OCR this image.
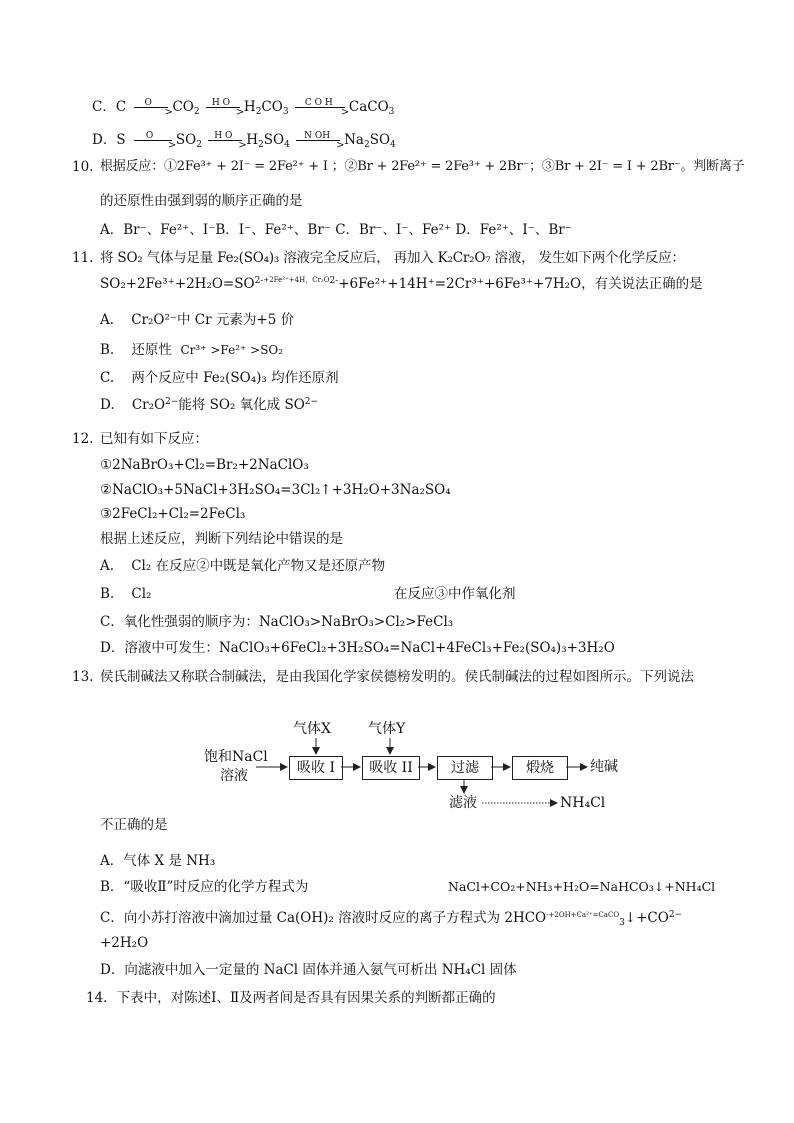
C．C O
> $CO_2$
H O
> $H_2CO_3$
C O H
> CaCO$_3$
D．S O
> $SO_2$
H O
> $H_2SO_4$
N OH
> $Na_2SO_4$
10. 根据反应：①2Fe³⁺ + 2I⁻ = 2Fe²⁺ + I ；②Br + 2Fe²⁺ = 2Fe³⁺ + 2Br⁻；③Br + 2I⁻ = I + 2Br⁻。判断离子
的还原性由强到弱的顺序正确的是
A．Br⁻、Fe²⁺、I⁻B．I⁻、Fe²⁺、Br⁻ C．Br⁻、I⁻、Fe²⁺ D．Fe²⁺、I⁻、Br⁻
11. 将 SO₂ 气体与足量 Fe₂(SO₄)₃ 溶液完全反应后， 再加入 K₂Cr₂O₇ 溶液， 发生如下两个化学反应：
$SO_2+2Fe^{3+}+2H_2O=SO^{2-+2Fe^{2+}+4H,Cr_2O2-}+6Fe^{2+}+14H^+=2Cr^{3+}+6Fe^{3+}+7H_2O$，有关说法正确的是
A. Cr₂O²⁻中 Cr 元素为+5 价
B. 还原性 Cr³⁺ >Fe²⁺ >SO₂
C. 两个反应中 Fe₂(SO₄)₃ 均作还原剂
D. $Cr_2O^{2-}$能将 SO₂ 氧化成 $SO^{2-}$
12. 已知有如下反应：
①2NaBrO₃+Cl₂=Br₂+2NaClO₃
②NaClO₃+5NaCl+3H₂SO₄=3Cl₂↑+3H₂O+3Na₂SO₄
③2FeCl₂+Cl₂=2FeCl₃
根据上述反应，判断下列结论中错误的是
A. Cl₂ 在反应②中既是氧化产物又是还原产物
B. Cl₂	在反应③中作氧化剂
C．氧化性强弱的顺序为：NaClO₃>NaBrO₃>Cl₂>FeCl₃
D．溶液中可发生：NaClO₃+6FeCl₂+3H₂SO₄=NaCl+4FeCl₃+Fe₂(SO₄)₃+3H₂O
13. 侯氏制碱法又称联合制碱法，是由我国化学家侯德榜发明的。侯氏制碱法的过程如图所示。下列说法
饱和NaCl
溶液
气体X	气体Y
吸收 I	吸收 II	过滤	煅烧	纯碱
滤液	NH₄Cl
不正确的是
A．气体 X 是 NH₃
B．“吸收Ⅱ”时反应的化学方程式为	NaCl+CO₂+NH₃+H₂O=NaHCO₃↓+NH₄Cl
C．向小苏打溶液中滴加过量 Ca(OH)₂ 溶液时反应的离子方程式为 $2HCO^{-+2OH+Ca^{2+}=CaCO}_3↓+CO^{2-}$
+2H₂O
D．向滤液中加入一定量的 NaCl 固体并通入氨气可析出 NH₄Cl 固体
14．下表中，对陈述Ⅰ、Ⅱ及两者间是否具有因果关系的判断都正确的
